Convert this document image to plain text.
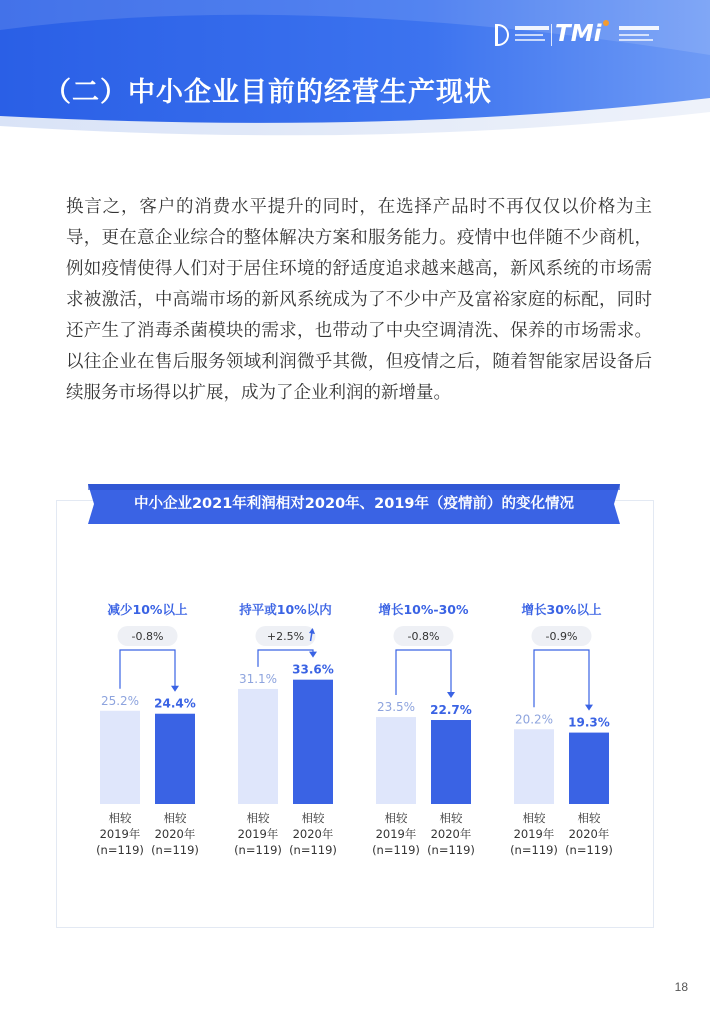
（二）中小企业目前的经营生产现状
TMi

换言之，客户的消费水平提升的同时，在选择产品时不再仅仅以价格为主导，更在意企业综合的整体解决方案和服务能力。疫情中也伴随不少商机，例如疫情使得人们对于居住环境的舒适度追求越来越高，新风系统的市场需求被激活，中高端市场的新风系统成为了不少中产及富裕家庭的标配，同时还产生了消毒杀菌模块的需求，也带动了中央空调清洗、保养的市场需求。以往企业在售后服务领域利润微乎其微，但疫情之后，随着智能家居设备后续服务市场得以扩展，成为了企业利润的新增量。

中小企业2021年利润相对2020年、2019年（疫情前）的变化情况
减少10%以上
25.2%
相较
2019年
(n=119)
24.4%
相较
2020年
(n=119)
-0.8%
持平或10%以内
31.1%
相较
2019年
(n=119)
33.6%
相较
2020年
(n=119)
+2.5%
增长10%-30%
23.5%
相较
2019年
(n=119)
22.7%
相较
2020年
(n=119)
-0.8%
增长30%以上
20.2%
相较
2019年
(n=119)
19.3%
相较
2020年
(n=119)
-0.9%
18
